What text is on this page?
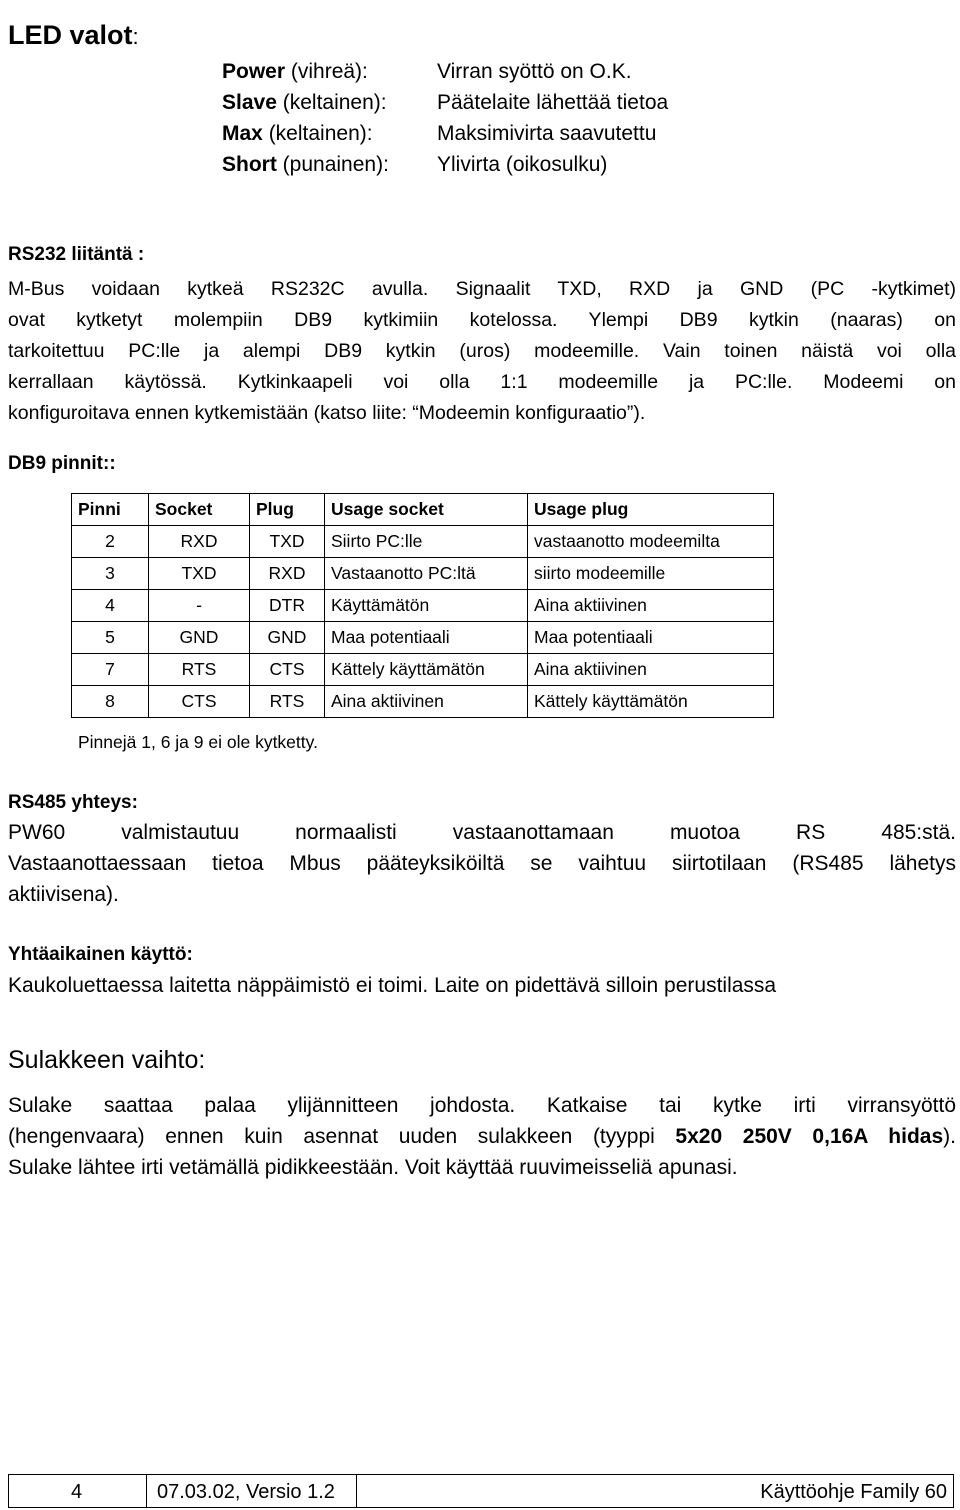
LED valot:
Power (vihreä):	Virran syöttö on O.K.
Slave (keltainen): Päätelaite lähettää tietoa
Max (keltainen):	Maksimivirta saavutettu
Short (punainen): Ylivirta (oikosulku)
RS232 liitäntä :
M-Bus voidaan kytkeä RS232C avulla. Signaalit TXD, RXD ja GND (PC -kytkimet)
ovat kytketyt molempiin DB9 kytkimiin kotelossa. Ylempi DB9 kytkin (naaras) on
tarkoitettuu PC:lle ja alempi DB9 kytkin (uros) modeemille. Vain toinen näistä voi olla
kerrallaan käytössä. Kytkinkaapeli voi olla 1:1 modeemille ja PC:lle. Modeemi on
konfiguroitava ennen kytkemistään (katso liite: “Modeemin konfiguraatio”).
DB9 pinnit::
Pinni	Socket	Plug	Usage socket	Usage plug
2	RXD	TXD	Siirto PC:lle	vastaanotto modeemilta
3	TXD	RXD	Vastaanotto PC:ltä	siirto modeemille
4	-	DTR	Käyttämätön	Aina aktiivinen
5	GND	GND	Maa potentiaali	Maa potentiaali
7	RTS	CTS	Kättely käyttämätön	Aina aktiivinen
8	CTS	RTS	Aina aktiivinen	Kättely käyttämätön
Pinnejä 1, 6 ja 9 ei ole kytketty.
RS485 yhteys:
PW60 valmistautuu normaalisti vastaanottamaan muotoa RS 485:stä.
Vastaanottaessaan tietoa Mbus pääteyksiköiltä se vaihtuu siirtotilaan (RS485 lähetys
aktiivisena).
Yhtäaikainen käyttö:
Kaukoluettaessa laitetta näppäimistö ei toimi. Laite on pidettävä silloin perustilassa
Sulakkeen vaihto:
Sulake saattaa palaa ylijännitteen johdosta. Katkaise tai kytke irti virransyöttö
(hengenvaara) ennen kuin asennat uuden sulakkeen (tyyppi 5x20 250V 0,16A hidas).
Sulake lähtee irti vetämällä pidikkeestään. Voit käyttää ruuvimeisseliä apunasi.
4	07.03.02, Versio 1.2	Käyttöohje Family 60
